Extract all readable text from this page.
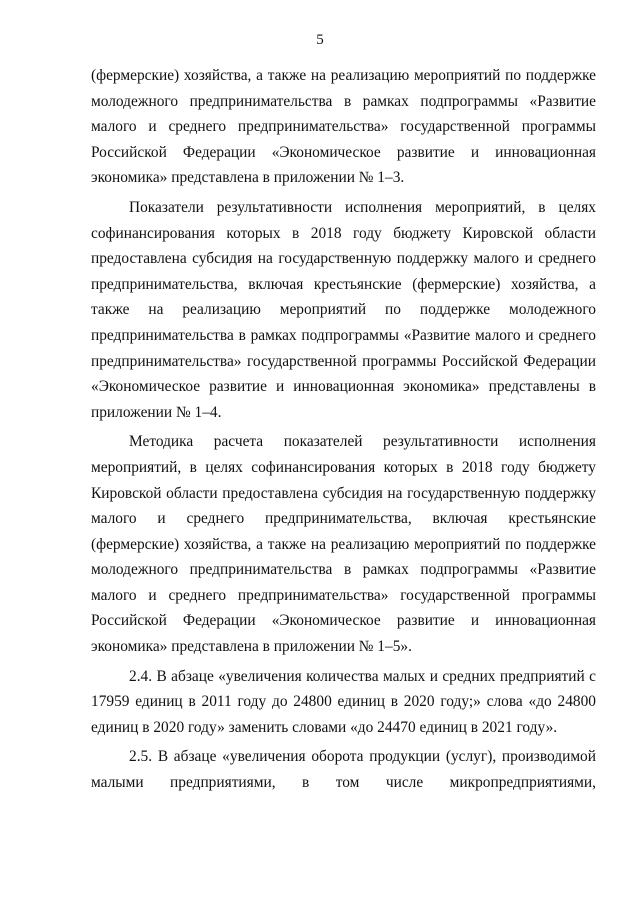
5

(фермерские) хозяйства, а также на реализацию мероприятий по поддержке молодежного предпринимательства в рамках подпрограммы «Развитие малого и среднего предпринимательства» государственной программы Российской Федерации «Экономическое развитие и инновационная экономика» представлена в приложении № 1–3.

Показатели результативности исполнения мероприятий, в целях софинансирования которых в 2018 году бюджету Кировской области предоставлена субсидия на государственную поддержку малого и среднего предпринимательства, включая крестьянские (фермерские) хозяйства, а также на реализацию мероприятий по поддержке молодежного предпринимательства в рамках подпрограммы «Развитие малого и среднего предпринимательства» государственной программы Российской Федерации «Экономическое развитие и инновационная экономика» представлены в приложении № 1–4.

Методика расчета показателей результативности исполнения мероприятий, в целях софинансирования которых в 2018 году бюджету Кировской области предоставлена субсидия на государственную поддержку малого и среднего предпринимательства, включая крестьянские (фермерские) хозяйства, а также на реализацию мероприятий по поддержке молодежного предпринимательства в рамках подпрограммы «Развитие малого и среднего предпринимательства» государственной программы Российской Федерации «Экономическое развитие и инновационная экономика» представлена в приложении № 1–5».

2.4. В абзаце «увеличения количества малых и средних предприятий с 17959 единиц в 2011 году до 24800 единиц в 2020 году;» слова «до 24800 единиц в 2020 году» заменить словами «до 24470 единиц в 2021 году».

2.5. В абзаце «увеличения оборота продукции (услуг), производимой малыми предприятиями, в том числе микропредприятиями,
